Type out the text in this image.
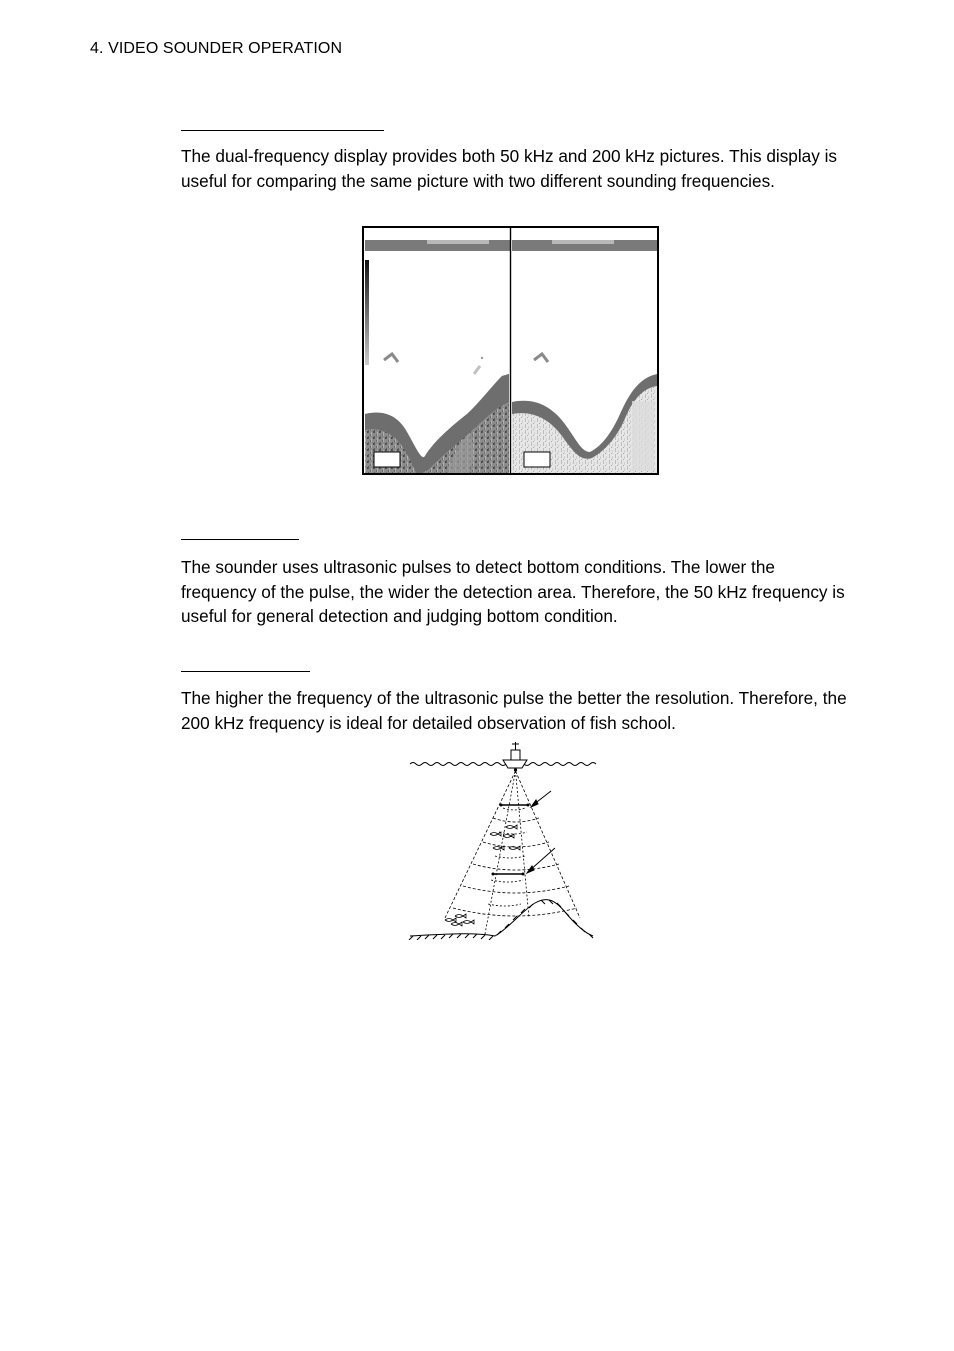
4. VIDEO SOUNDER OPERATION

The dual-frequency display provides both 50 kHz and 200 kHz pictures. This display is useful for comparing the same picture with two different sounding frequencies.

The sounder uses ultrasonic pulses to detect bottom conditions. The lower the frequency of the pulse, the wider the detection area. Therefore, the 50 kHz frequency is useful for general detection and judging bottom condition.

The higher the frequency of the ultrasonic pulse the better the resolution. Therefore, the 200 kHz frequency is ideal for detailed observation of fish school.
